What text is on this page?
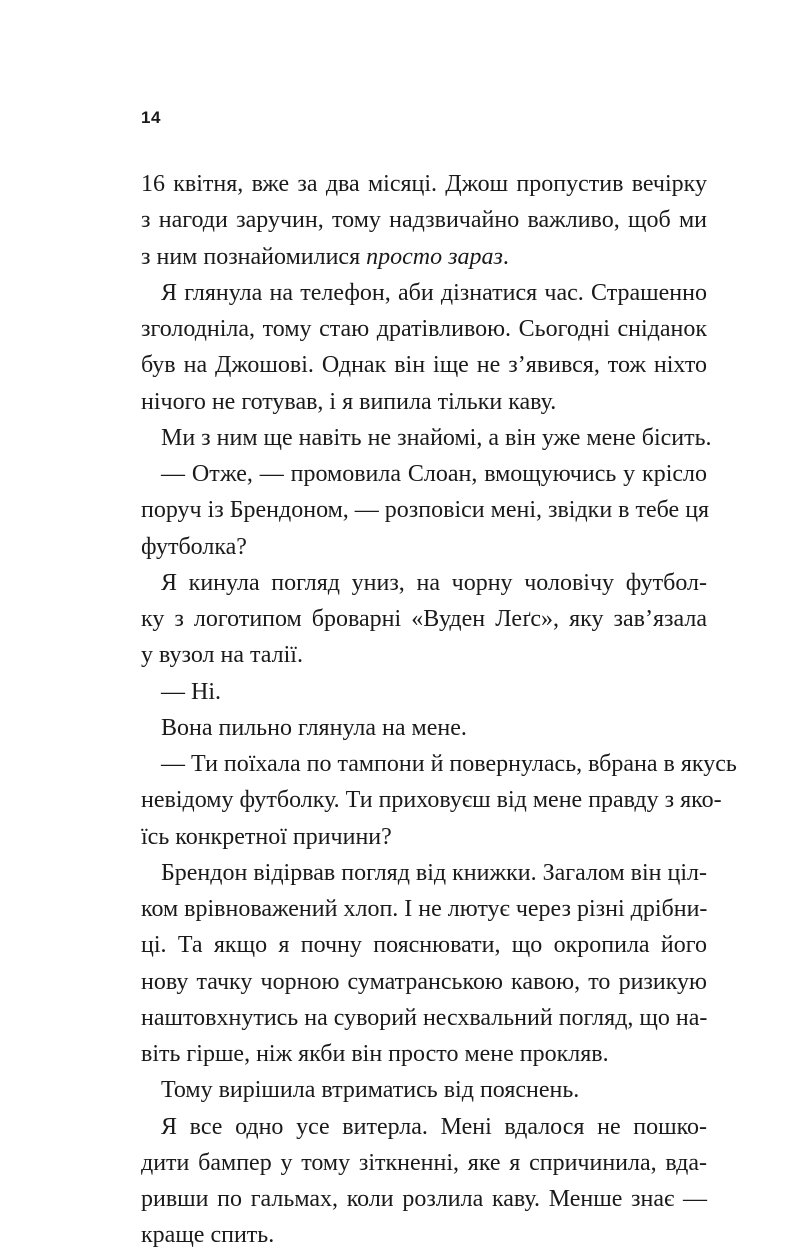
14
16 квітня, вже за два місяці. Джош пропустив вечірку
з нагоди заручин, тому надзвичайно важливо, щоб ми
з ним познайомилися просто зараз.
Я глянула на телефон, аби дізнатися час. Страшенно
зголодніла, тому стаю дратівливою. Сьогодні сніданок
був на Джошові. Однак він іще не з’явився, тож ніхто
нічого не готував, і я випила тільки каву.
Ми з ним ще навіть не знайомі, а він уже мене бісить.
— Отже, — промовила Слоан, вмощуючись у крісло
поруч із Брендоном, — розповіси мені, звідки в тебе ця
футболка?
Я кинула погляд униз, на чорну чоловічу футбол-
ку з логотипом броварні «Вуден Леґс», яку зав’язала
у вузол на талії.
— Ні.
Вона пильно глянула на мене.
— Ти поїхала по тампони й повернулась, вбрана в якусь
невідому футболку. Ти приховуєш від мене правду з яко-
їсь конкретної причини?
Брендон відірвав погляд від книжки. Загалом він ціл-
ком врівноважений хлоп. І не лютує через різні дрібни-
ці. Та якщо я почну пояснювати, що окропила його
нову тачку чорною суматранською кавою, то ризикую
наштовхнутись на суворий несхвальний погляд, що на-
віть гірше, ніж якби він просто мене прокляв.
Тому вирішила втриматись від пояснень.
Я все одно усе витерла. Мені вдалося не пошко-
дити бампер у тому зіткненні, яке я спричинила, вда-
ривши по гальмах, коли розлила каву. Менше знає —
краще спить.
